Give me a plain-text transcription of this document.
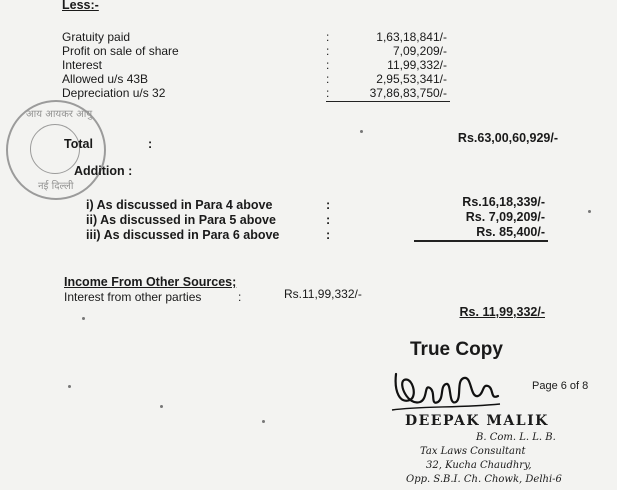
Less:-
Gratuity paid	:	1,63,18,841/-
Profit on sale of share	:	7,09,209/-
Interest	:	11,99,332/-
Allowed u/s 43B	:	2,95,53,341/-
Depreciation u/s 32	:	37,86,83,750/-
आय आयकर आयु
नई दिल्ली
Total	:	Rs.63,00,60,929/-
Addition :
i) As discussed in Para 4 above	:	Rs.16,18,339/-
ii) As discussed in Para 5 above	:	Rs. 7,09,209/-
iii) As discussed in Para 6 above	:	Rs. 85,400/-
Income From Other Sources;
Interest from other parties	:	Rs.11,99,332/-
Rs. 11,99,332/-
True Copy
Page 6 of 8
DEEPAK MALIK
B. Com. L. L. B.
Tax Laws Consultant
32, Kucha Chaudhry,
Opp. S.B.I. Ch. Chowk, Delhi-6
